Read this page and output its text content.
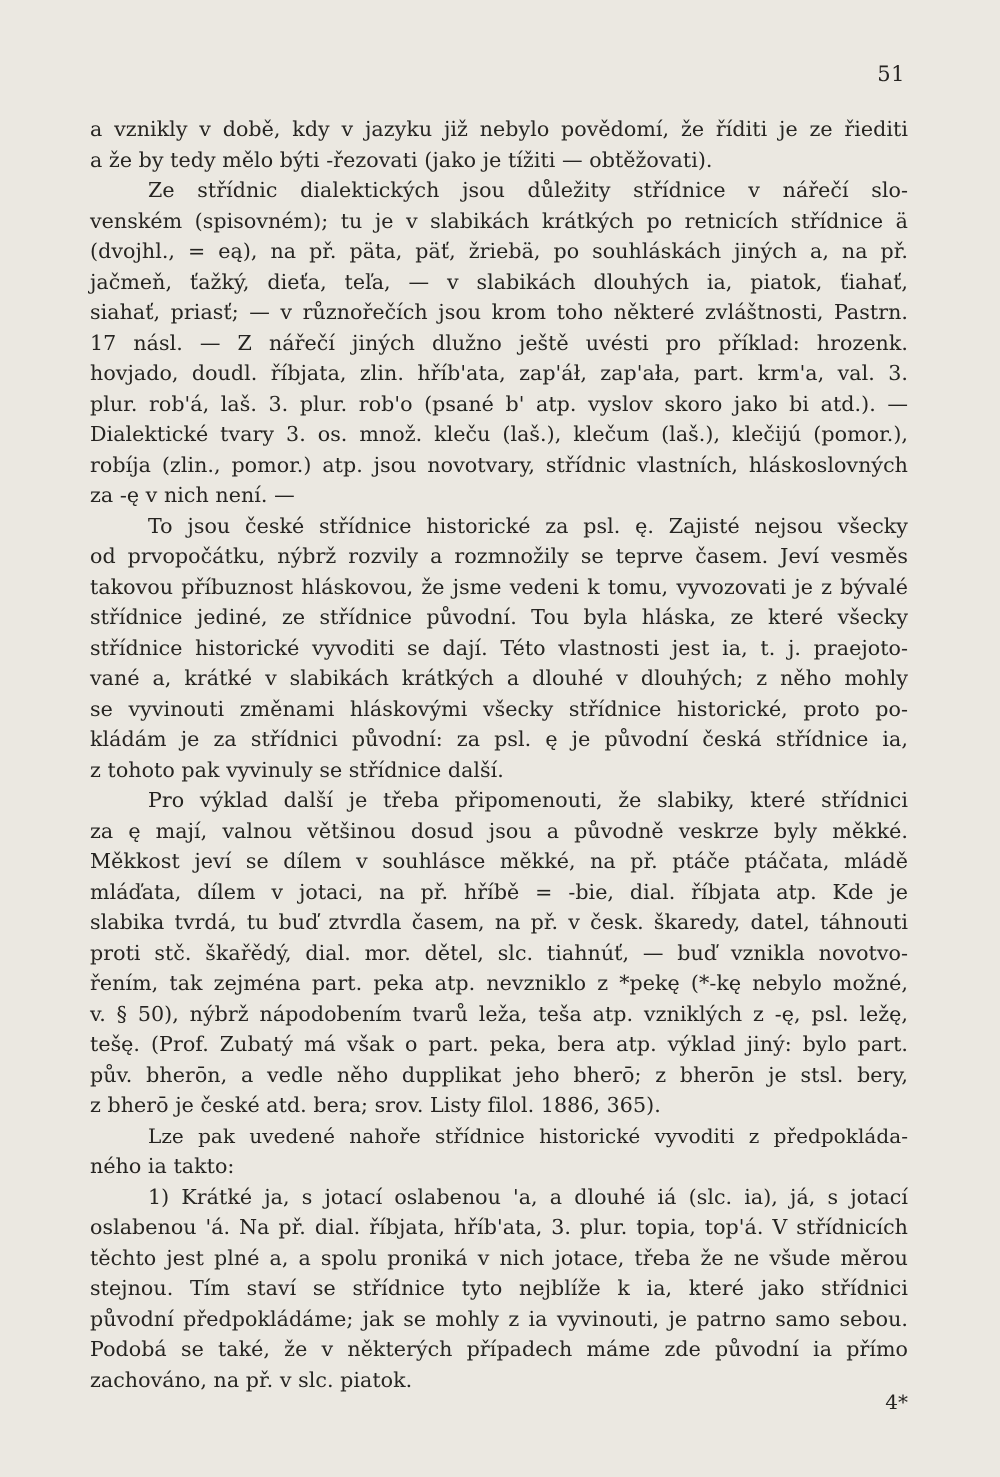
51
a vznikly v době, kdy v jazyku již nebylo povědomí, že říditi je ze řiediti
a že by tedy mělo býti -řezovati (jako je tížiti — obtěžovati).
Ze střídnic dialektických jsou důležity střídnice v nářečí slo-
venském (spisovném); tu je v slabikách krátkých po retnicích střídnice ä
(dvojhl., = eą), na př. päta, päť, žriebä, po souhláskách jiných a, na př.
jačmeň, ťažký, dieťa, teľa, — v slabikách dlouhých ia, piatok, ťiahať,
siahať, priasť; — v různořečích jsou krom toho některé zvláštnosti, Pastrn.
17 násl. — Z nářečí jiných dlužno ještě uvésti pro příklad: hrozenk.
hovjado, doudl. říbjata, zlin. hříb'ata, zap'áł, zap'ała, part. krm'a, val. 3.
plur. rob'á, laš. 3. plur. rob'o (psané b' atp. vyslov skoro jako bi atd.). —
Dialektické tvary 3. os. množ. kleču (laš.), klečum (laš.), klečijú (pomor.),
robíja (zlin., pomor.) atp. jsou novotvary, střídnic vlastních, hláskoslovných
za -ę v nich není. —
To jsou české střídnice historické za psl. ę. Zajisté nejsou všecky
od prvopočátku, nýbrž rozvily a rozmnožily se teprve časem. Jeví vesměs
takovou příbuznost hláskovou, že jsme vedeni k tomu, vyvozovati je z bývalé
střídnice jediné, ze střídnice původní. Tou byla hláska, ze které všecky
střídnice historické vyvoditi se dají. Této vlastnosti jest ia, t. j. praejoto-
vané a, krátké v slabikách krátkých a dlouhé v dlouhých; z něho mohly
se vyvinouti změnami hláskovými všecky střídnice historické, proto po-
kládám je za střídnici původní: za psl. ę je původní česká střídnice ia,
z tohoto pak vyvinuly se střídnice další.
Pro výklad další je třeba připomenouti, že slabiky, které střídnici
za ę mají, valnou většinou dosud jsou a původně veskrze byly měkké.
Měkkost jeví se dílem v souhlásce měkké, na př. ptáče ptáčata, mládě
mláďata, dílem v jotaci, na př. hříbě = -bie, dial. říbjata atp. Kde je
slabika tvrdá, tu buď ztvrdla časem, na př. v česk. škaredy, datel, táhnouti
proti stč. škařědý, dial. mor. dětel, slc. tiahnúť, — buď vznikla novotvo-
řením, tak zejména part. peka atp. nevzniklo z *pekę (*-kę nebylo možné,
v. § 50), nýbrž nápodobením tvarů leža, teša atp. vzniklých z -ę, psl. ležę,
tešę. (Prof. Zubatý má však o part. peka, bera atp. výklad jiný: bylo part.
pův. bherōn, a vedle něho dupplikat jeho bherō; z bherōn je stsl. bery,
z bherō je české atd. bera; srov. Listy filol. 1886, 365).
Lze pak uvedené nahoře střídnice historické vyvoditi z předpokláda-
ného ia takto:
1) Krátké ja, s jotací oslabenou 'a, a dlouhé iá (slc. ia), já, s jotací
oslabenou 'á. Na př. dial. říbjata, hříb'ata, 3. plur. topia, top'á. V střídnicích
těchto jest plné a, a spolu proniká v nich jotace, třeba že ne všude měrou
stejnou. Tím staví se střídnice tyto nejblíže k ia, které jako střídnici
původní předpokládáme; jak se mohly z ia vyvinouti, je patrno samo sebou.
Podobá se také, že v některých případech máme zde původní ia přímo
zachováno, na př. v slc. piatok.
4*
